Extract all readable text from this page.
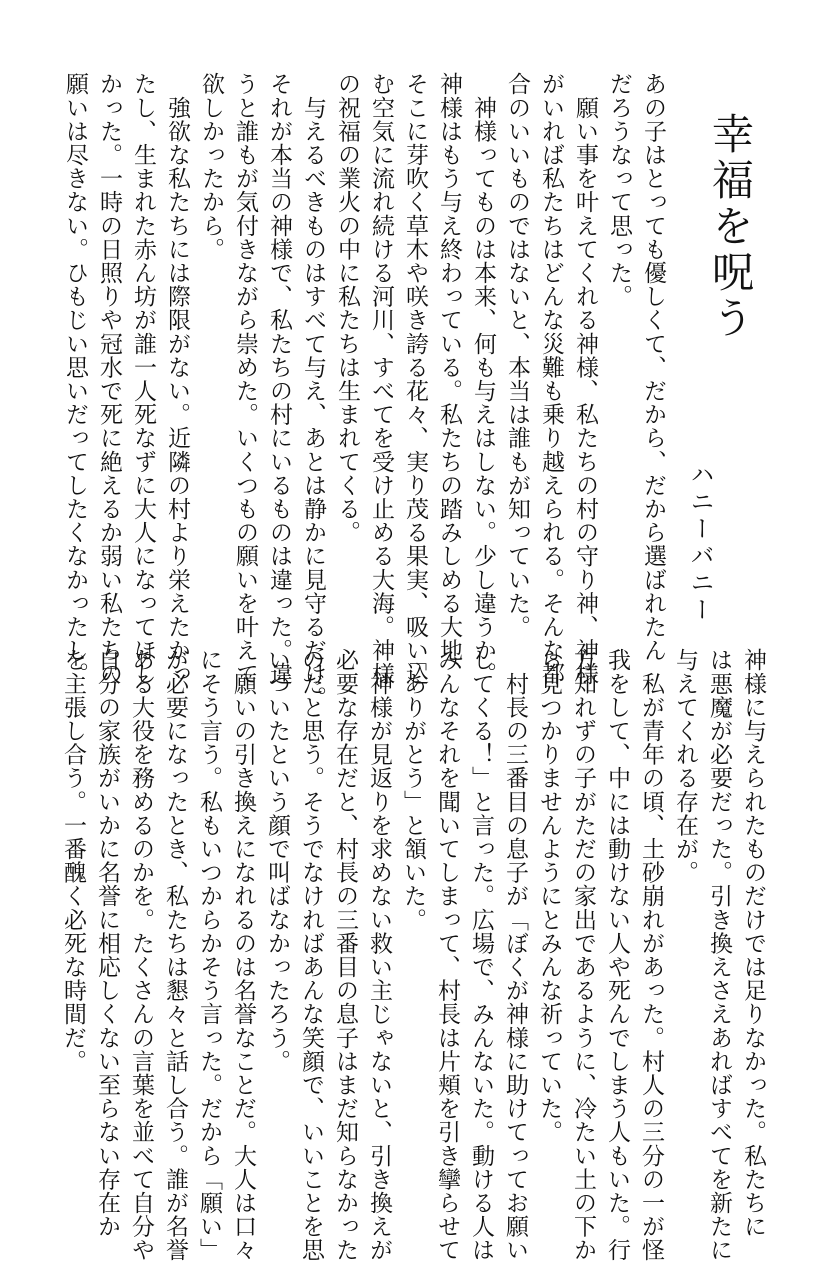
幸福を呪う
ハニーバニー
あの子はとっても優しくて、だから、だから選ばれたん
だろうなって思った。
　願い事を叶えてくれる神様、私たちの村の守り神、神様
がいれば私たちはどんな災難も乗り越えられる。そんな都
合のいいものではないと、本当は誰もが知っていた。
　神様ってものは本来、何も与えはしない。少し違うか。
神様はもう与え終わっている。私たちの踏みしめる大地、
そこに芽吹く草木や咲き誇る花々、実り茂る果実、吸い込
む空気に流れ続ける河川、すべてを受け止める大海。神様
の祝福の業火の中に私たちは生まれてくる。
　与えるべきものはすべて与え、あとは静かに見守るだけ。
それが本当の神様で、私たちの村にいるものは違った。違
うと誰もが気付きながら崇めた。いくつもの願いを叶えて
欲しかったから。
　強欲な私たちには際限がない。近隣の村より栄えたかっ
たし、生まれた赤ん坊が誰一人死なずに大人になってほし
かった。一時の日照りや冠水で死に絶えるか弱い私たちの
願いは尽きない。ひもじい思いだってしたくなかったし。
神様に与えられたものだけでは足りなかった。私たちに
は悪魔が必要だった。引き換えさえあればすべてを新たに
与えてくれる存在が。
　私が青年の頃、土砂崩れがあった。村人の三分の一が怪
我をして、中には動けない人や死んでしまう人もいた。行
方知れずの子がただの家出であるように、冷たい土の下か
ら見つかりませんようにとみんな祈っていた。
　村長の三番目の息子が「ぼくが神様に助けてってお願い
してくる！」と言った。広場で、みんないた。動ける人は
みんなそれを聞いてしまって、村長は片頬を引き攣らせて
「ありがとう」と頷いた。
　神様が見返りを求めない救い主じゃないと、引き換えが
必要な存在だと、村長の三番目の息子はまだ知らなかった
のだと思う。そうでなければあんな笑顔で、いいことを思
いついたという顔で叫ばなかったろう。
　願いの引き換えになれるのは名誉なことだ。大人は口々
にそう言う。私もいつからかそう言った。だから「願い」
が必要になったとき、私たちは懇々と話し合う。誰が名誉
ある大役を務めるのかを。たくさんの言葉を並べて自分や
自分の家族がいかに名誉に相応しくない至らない存在か
を主張し合う。一番醜く必死な時間だ。
